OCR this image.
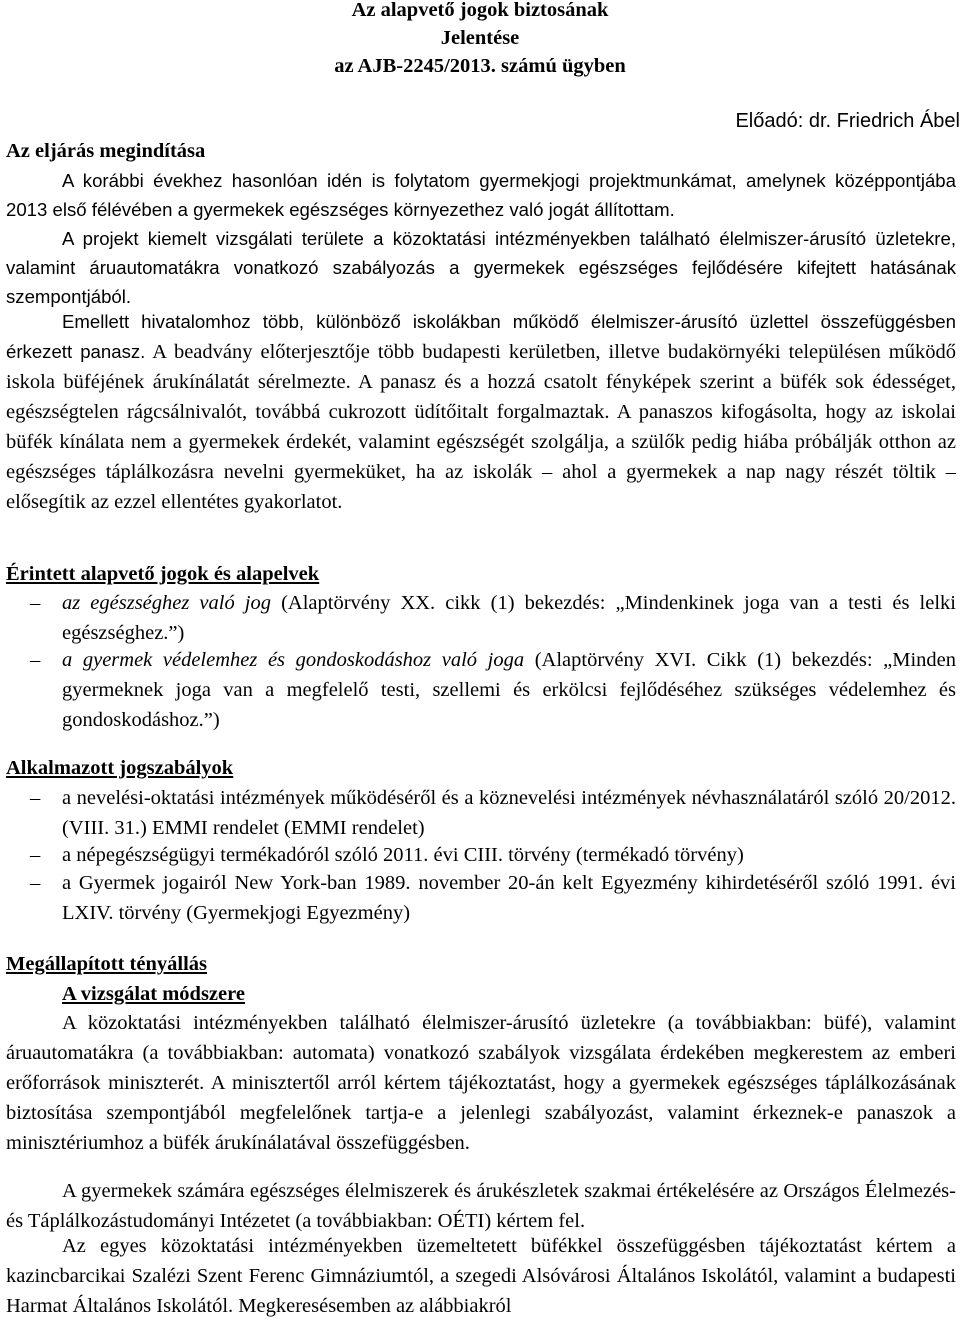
Az alapvető jogok biztosának
Jelentése
az AJB-2245/2013. számú ügyben
Előadó: dr. Friedrich Ábel
Az eljárás megindítása
A korábbi évekhez hasonlóan idén is folytatom gyermekjogi projektmunkámat, amelynek középpontjába 2013 első félévében a gyermekek egészséges környezethez való jogát állítottam.
A projekt kiemelt vizsgálati területe a közoktatási intézményekben található élelmiszer-árusító üzletekre, valamint áruautomatákra vonatkozó szabályozás a gyermekek egészséges fejlődésére kifejtett hatásának szempontjából.
Emellett hivatalomhoz több, különböző iskolákban működő élelmiszer-árusító üzlettel összefüggésben érkezett panasz. A beadvány előterjesztője több budapesti kerületben, illetve budakörnyéki településen működő iskola büféjének árukínálatát sérelmezte. A panasz és a hozzá csatolt fényképek szerint a büfék sok édességet, egészségtelen rágcsálnivalót, továbbá cukrozott üdítőitalt forgalmaztak. A panaszos kifogásolta, hogy az iskolai büfék kínálata nem a gyermekek érdekét, valamint egészségét szolgálja, a szülők pedig hiába próbálják otthon az egészséges táplálkozásra nevelni gyermeküket, ha az iskolák – ahol a gyermekek a nap nagy részét töltik – elősegítik az ezzel ellentétes gyakorlatot.
Érintett alapvető jogok és alapelvek
– az egészséghez való jog (Alaptörvény XX. cikk (1) bekezdés: „Mindenkinek joga van a testi és lelki egészséghez.”)
– a gyermek védelemhez és gondoskodáshoz való joga (Alaptörvény XVI. Cikk (1) bekezdés: „Minden gyermeknek joga van a megfelelő testi, szellemi és erkölcsi fejlődéséhez szükséges védelemhez és gondoskodáshoz.”)
Alkalmazott jogszabályok
– a nevelési-oktatási intézmények működéséről és a köznevelési intézmények névhasználatáról szóló 20/2012. (VIII. 31.) EMMI rendelet (EMMI rendelet)
– a népegészségügyi termékadóról szóló 2011. évi CIII. törvény (termékadó törvény)
– a Gyermek jogairól New York-ban 1989. november 20-án kelt Egyezmény kihirdetéséről szóló 1991. évi LXIV. törvény (Gyermekjogi Egyezmény)
Megállapított tényállás
A vizsgálat módszere
A közoktatási intézményekben található élelmiszer-árusító üzletekre (a továbbiakban: büfé), valamint áruautomatákra (a továbbiakban: automata) vonatkozó szabályok vizsgálata érdekében megkerestem az emberi erőforrások miniszterét. A minisztertől arról kértem tájékoztatást, hogy a gyermekek egészséges táplálkozásának biztosítása szempontjából megfelelőnek tartja-e a jelenlegi szabályozást, valamint érkeznek-e panaszok a minisztériumhoz a büfék árukínálatával összefüggésben.
A gyermekek számára egészséges élelmiszerek és árukészletek szakmai értékelésére az Országos Élelmezés- és Táplálkozástudományi Intézetet (a továbbiakban: OÉTI) kértem fel.
Az egyes közoktatási intézményekben üzemeltetett büfékkel összefüggésben tájékoztatást kértem a kazincbarcikai Szalézi Szent Ferenc Gimnáziumtól, a szegedi Alsóvárosi Általános Iskolától, valamint a budapesti Harmat Általános Iskolától. Megkeresésemben az alábbiakról
